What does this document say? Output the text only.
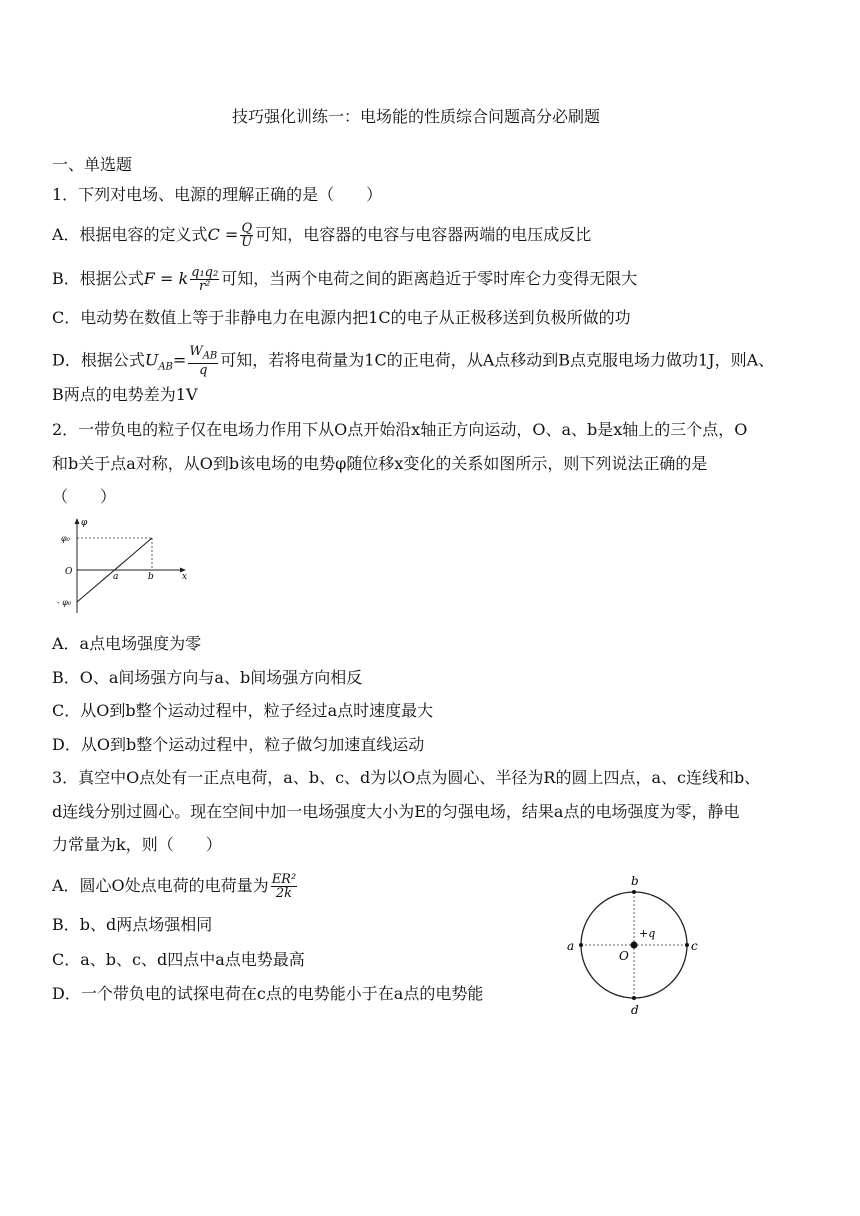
技巧强化训练一：电场能的性质综合问题高分必刷题
一、单选题
1．下列对电场、电源的理解正确的是（　　）
A．根据电容的定义式$C = \frac{Q}{U}$ 可知，电容器的电容与电容器两端的电压成反比
B．根据公式F = k $\frac{\text{q₁q₂}}{\text{r²}}$ 可知，当两个电荷之间的距离趋近于零时库仑力变得无限大
C．电动势在数值上等于非静电力在电源内把1C的电子从正极移送到负极所做的功
D．根据公式$U_{AB}= \frac{W_{AB}}{q}$ 可知，若将电荷量为1C的正电荷，从A点移动到B点克服电场力做功1J，则A、
B两点的电势差为1V
2．一带负电的粒子仅在电场力作用下从O点开始沿x轴正方向运动，O、a、b是x轴上的三个点，O
和b关于点a对称，从O到b该电场的电势φ随位移x变化的关系如图所示，则下列说法正确的是
（　　）
φ
x
O
φ₀
- φ₀
a	b
A．a点电场强度为零
B．O、a间场强方向与a、b间场强方向相反
C．从O到b整个运动过程中，粒子经过a点时速度最大
D．从O到b整个运动过程中，粒子做匀加速直线运动
3．真空中O点处有一正点电荷，a、b、c、d为以O点为圆心、半径为R的圆上四点，a、c连线和b、
d连线分别过圆心。现在空间中加一电场强度大小为E的匀强电场，结果a点的电场强度为零，静电
力常量为k，则（　　）
A．圆心O处点电荷的电荷量为 $\frac{\text{ER²}}{2k}$
B．b、d两点场强相同
C．a、b、c、d四点中a点电势最高
D．一个带负电的试探电荷在c点的电势能小于在a点的电势能
a
b
c
d
O
+q
